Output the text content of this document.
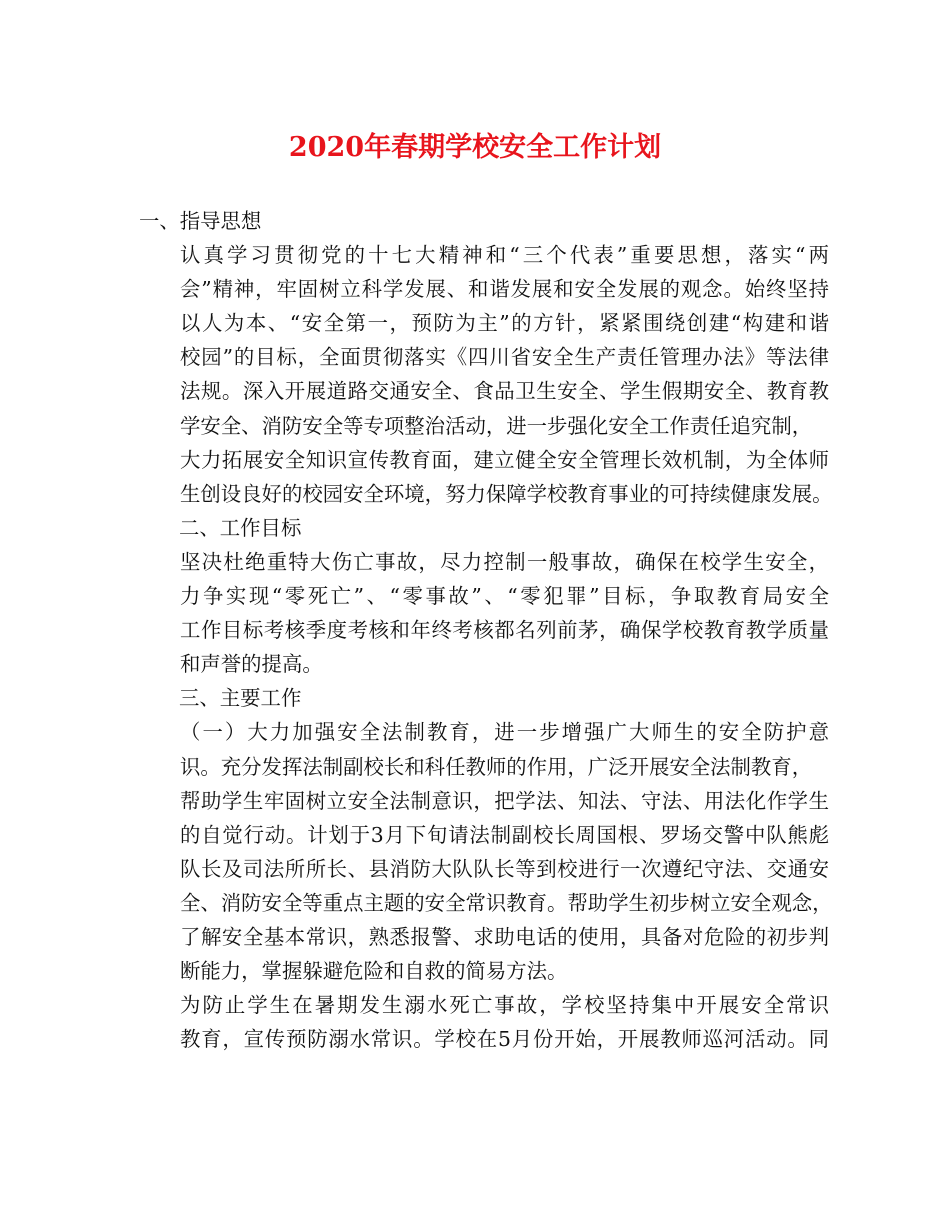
2020年春期学校安全工作计划
一、指导思想
认真学习贯彻党的十七大精神和“三个代表”重要思想，落实“两
会”精神，牢固树立科学发展、和谐发展和安全发展的观念。始终坚持
以人为本、“安全第一，预防为主”的方针，紧紧围绕创建“构建和谐
校园”的目标，全面贯彻落实《四川省安全生产责任管理办法》等法律
法规。深入开展道路交通安全、食品卫生安全、学生假期安全、教育教
学安全、消防安全等专项整治活动，进一步强化安全工作责任追究制，
大力拓展安全知识宣传教育面，建立健全安全管理长效机制，为全体师
生创设良好的校园安全环境，努力保障学校教育事业的可持续健康发展。
二、工作目标
坚决杜绝重特大伤亡事故，尽力控制一般事故，确保在校学生安全，
力争实现“零死亡”、“零事故”、“零犯罪”目标，争取教育局安全
工作目标考核季度考核和年终考核都名列前茅，确保学校教育教学质量
和声誉的提高。
三、主要工作
（一）大力加强安全法制教育，进一步增强广大师生的安全防护意
识。充分发挥法制副校长和科任教师的作用，广泛开展安全法制教育，
帮助学生牢固树立安全法制意识，把学法、知法、守法、用法化作学生
的自觉行动。计划于3月下旬请法制副校长周国根、罗场交警中队熊彪
队长及司法所所长、县消防大队队长等到校进行一次遵纪守法、交通安
全、消防安全等重点主题的安全常识教育。帮助学生初步树立安全观念，
了解安全基本常识，熟悉报警、求助电话的使用，具备对危险的初步判
断能力，掌握躲避危险和自救的简易方法。
为防止学生在暑期发生溺水死亡事故，学校坚持集中开展安全常识
教育，宣传预防溺水常识。学校在5月份开始，开展教师巡河活动。同
